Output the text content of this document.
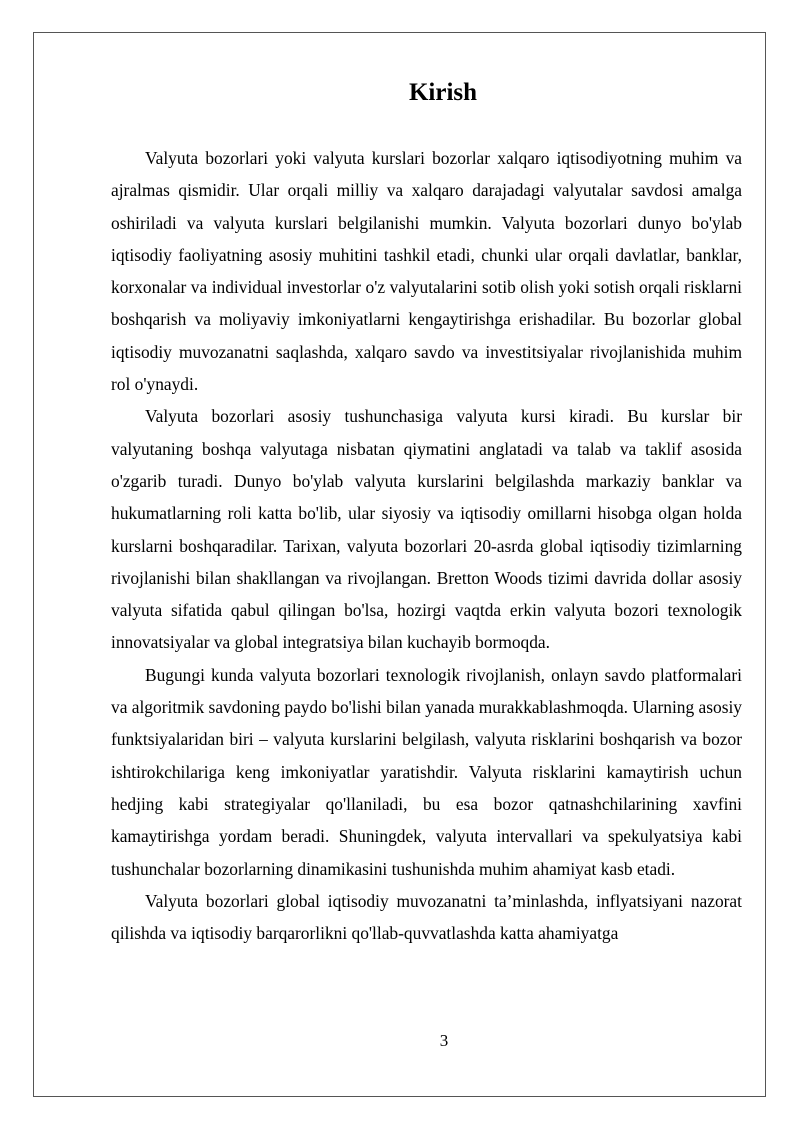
Kirish

Valyuta bozorlari yoki valyuta kurslari bozorlar xalqaro iqtisodiyotning muhim va ajralmas qismidir. Ular orqali milliy va xalqaro darajadagi valyutalar savdosi amalga oshiriladi va valyuta kurslari belgilanishi mumkin. Valyuta bozorlari dunyo bo'ylab iqtisodiy faoliyatning asosiy muhitini tashkil etadi, chunki ular orqali davlatlar, banklar, korxonalar va individual investorlar o'z valyutalarini sotib olish yoki sotish orqali risklarni boshqarish va moliyaviy imkoniyatlarni kengaytirishga erishadilar. Bu bozorlar global iqtisodiy muvozanatni saqlashda, xalqaro savdo va investitsiyalar rivojlanishida muhim rol o'ynaydi.

Valyuta bozorlari asosiy tushunchasiga valyuta kursi kiradi. Bu kurslar bir valyutaning boshqa valyutaga nisbatan qiymatini anglatadi va talab va taklif asosida o'zgarib turadi. Dunyo bo'ylab valyuta kurslarini belgilashda markaziy banklar va hukumatlarning roli katta bo'lib, ular siyosiy va iqtisodiy omillarni hisobga olgan holda kurslarni boshqaradilar. Tarixan, valyuta bozorlari 20-asrda global iqtisodiy tizimlarning rivojlanishi bilan shakllangan va rivojlangan. Bretton Woods tizimi davrida dollar asosiy valyuta sifatida qabul qilingan bo'lsa, hozirgi vaqtda erkin valyuta bozori texnologik innovatsiyalar va global integratsiya bilan kuchayib bormoqda.

Bugungi kunda valyuta bozorlari texnologik rivojlanish, onlayn savdo platformalari va algoritmik savdoning paydo bo'lishi bilan yanada murakkablashmoqda. Ularning asosiy funktsiyalaridan biri – valyuta kurslarini belgilash, valyuta risklarini boshqarish va bozor ishtirokchilariga keng imkoniyatlar yaratishdir. Valyuta risklarini kamaytirish uchun hedjing kabi strategiyalar qo'llaniladi, bu esa bozor qatnashchilarining xavfini kamaytirishga yordam beradi. Shuningdek, valyuta intervallari va spekulyatsiya kabi tushunchalar bozorlarning dinamikasini tushunishda muhim ahamiyat kasb etadi.

Valyuta bozorlari global iqtisodiy muvozanatni ta’minlashda, inflyatsiyani nazorat qilishda va iqtisodiy barqarorlikni qo'llab-quvvatlashda katta ahamiyatga

3
